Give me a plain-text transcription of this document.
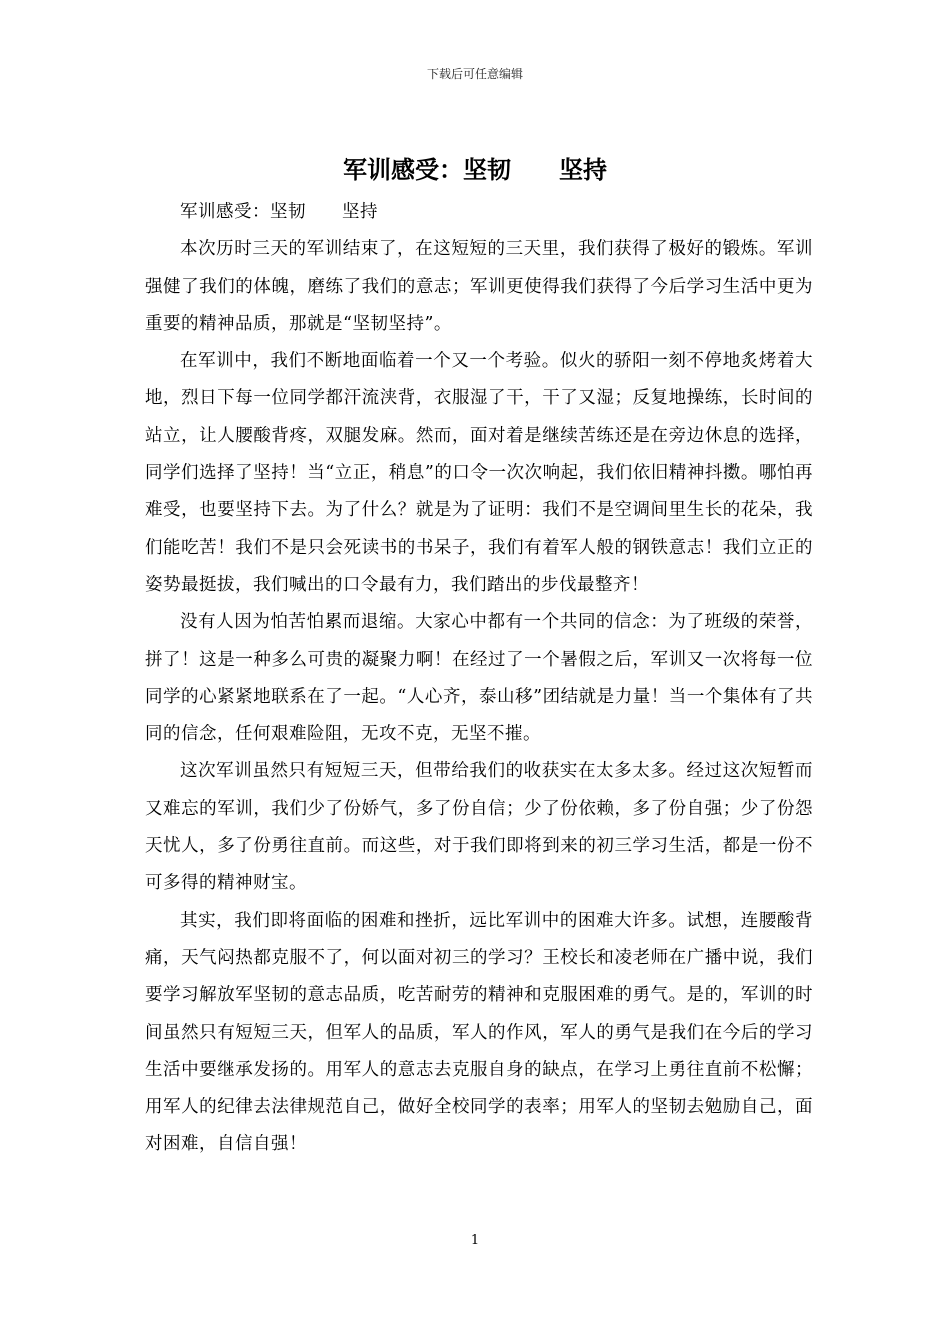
下载后可任意编辑
军训感受：坚韧　　坚持

军训感受：坚韧　　坚持

本次历时三天的军训结束了，在这短短的三天里，我们获得了极好的锻炼。军训强健了我们的体魄，磨练了我们的意志；军训更使得我们获得了今后学习生活中更为重要的精神品质，那就是“坚韧坚持”。

在军训中，我们不断地面临着一个又一个考验。似火的骄阳一刻不停地炙烤着大地，烈日下每一位同学都汗流浃背，衣服湿了干，干了又湿；反复地操练，长时间的站立，让人腰酸背疼，双腿发麻。然而，面对着是继续苦练还是在旁边休息的选择，同学们选择了坚持！当“立正，稍息”的口令一次次响起，我们依旧精神抖擞。哪怕再难受，也要坚持下去。为了什么？就是为了证明：我们不是空调间里生长的花朵，我们能吃苦！我们不是只会死读书的书呆子，我们有着军人般的钢铁意志！我们立正的姿势最挺拔，我们喊出的口令最有力，我们踏出的步伐最整齐！

没有人因为怕苦怕累而退缩。大家心中都有一个共同的信念：为了班级的荣誉，拼了！这是一种多么可贵的凝聚力啊！在经过了一个暑假之后，军训又一次将每一位同学的心紧紧地联系在了一起。“人心齐，泰山移”团结就是力量！当一个集体有了共同的信念，任何艰难险阻，无攻不克，无坚不摧。

这次军训虽然只有短短三天，但带给我们的收获实在太多太多。经过这次短暂而又难忘的军训，我们少了份娇气，多了份自信；少了份依赖，多了份自强；少了份怨天忧人，多了份勇往直前。而这些，对于我们即将到来的初三学习生活，都是一份不可多得的精神财宝。

其实，我们即将面临的困难和挫折，远比军训中的困难大许多。试想，连腰酸背痛，天气闷热都克服不了，何以面对初三的学习？王校长和凌老师在广播中说，我们要学习解放军坚韧的意志品质，吃苦耐劳的精神和克服困难的勇气。是的，军训的时间虽然只有短短三天，但军人的品质，军人的作风，军人的勇气是我们在今后的学习生活中要继承发扬的。用军人的意志去克服自身的缺点，在学习上勇往直前不松懈；用军人的纪律去法律规范自己，做好全校同学的表率；用军人的坚韧去勉励自己，面对困难，自信自强！

1
